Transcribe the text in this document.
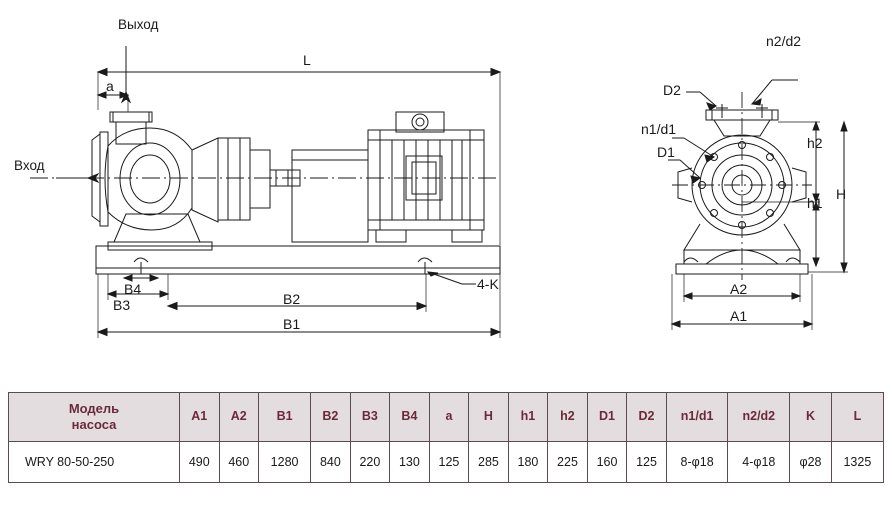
Выход
Вход
L
a
B4
B3	B2
B1
4-K
D2
n2/d2
n1/d1
D1
h2
h1
H
A2
A1
Модель
насоса	A1	A2	B1	B2	B3	B4	a	H	h1	h2	D1	D2	n1/d1	n2/d2	K	L
WRY 80-50-250	490	460	1280	840	220	130	125	285	180	225	160	125	8-φ18	4-φ18	φ28	1325
